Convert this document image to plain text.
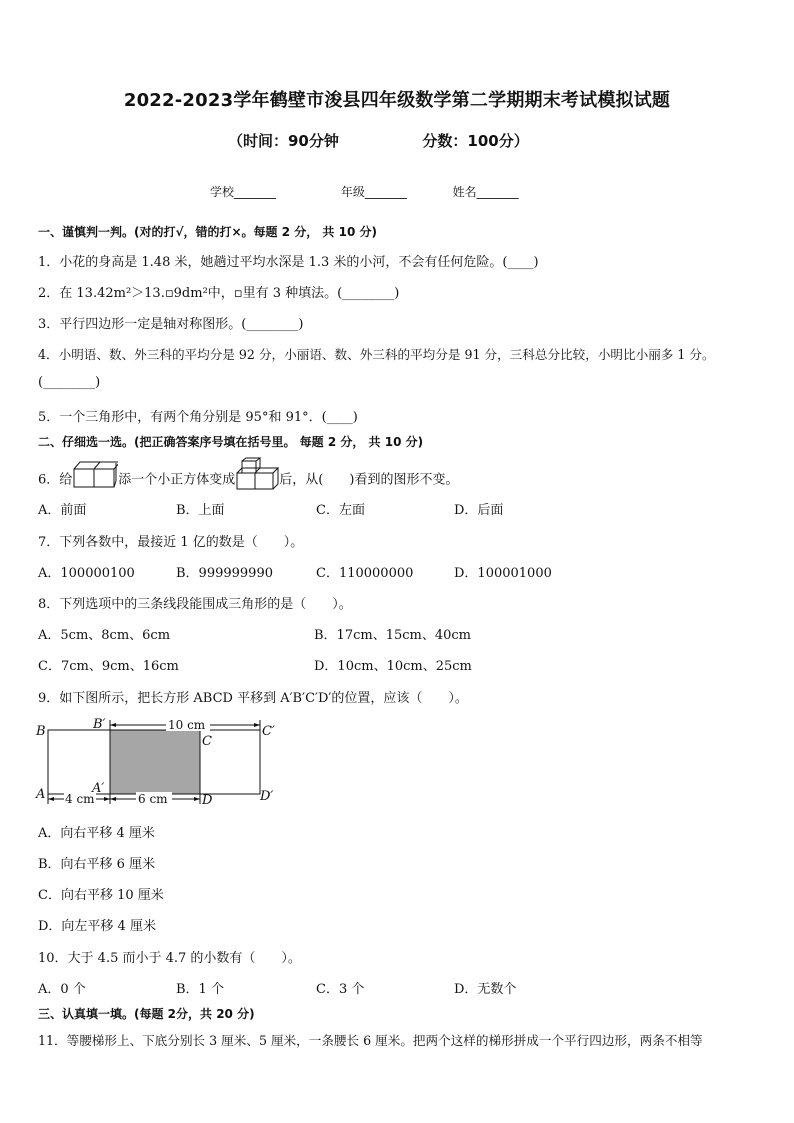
2022-2023学年鹤壁市浚县四年级数学第二学期期末考试模拟试题
（时间：90分钟                分数：100分）
学校_______                 年级_______            姓名_______
一、谨慎判一判。(对的打√，错的打×。每题 2 分， 共 10 分)
1．小花的身高是 1.48 米，她趟过平均水深是 1.3 米的小河，不会有任何危险。(____)
2．在 13.42m²＞13.▫9dm²中，▫里有 3 种填法。(________)
3．平行四边形一定是轴对称图形。(________)
4．小明语、数、外三科的平均分是 92 分，小丽语、数、外三科的平均分是 91 分，三科总分比较，小明比小丽多 1 分。
(________)
5．一个三角形中，有两个角分别是 95°和 91°．(____)
二、仔细选一选。(把正确答案序号填在括号里。 每题 2 分， 共 10 分)
6．给	添一个小正方体变成	后，从(　　)看到的图形不变。
A．前面	B．上面	C．左面	D．后面
7．下列各数中，最接近 1 亿的数是（　　）。
A．100000100	B．999999990	C．110000000	D．100001000
8．下列选项中的三条线段能围成三角形的是（　　）。
A．5cm、8cm、6cm	B．17cm、15cm、40cm
C．7cm、9cm、16cm	D．10cm、10cm、25cm
9．如下图所示，把长方形 ABCD 平移到 A′B′C′D′的位置，应该（　　）。
B	B′
C
C′
A	A′
D	D′
10 cm
4 cm	6 cm
A．向右平移 4 厘米
B．向右平移 6 厘米
C．向右平移 10 厘米
D．向左平移 4 厘米
10．大于 4.5 而小于 4.7 的小数有（　　）。
A．0 个	B．1 个	C．3 个	D．无数个
三、认真填一填。(每题 2分，共 20 分)
11．等腰梯形上、下底分别长 3 厘米、5 厘米，一条腰长 6 厘米。把两个这样的梯形拼成一个平行四边形，两条不相等
